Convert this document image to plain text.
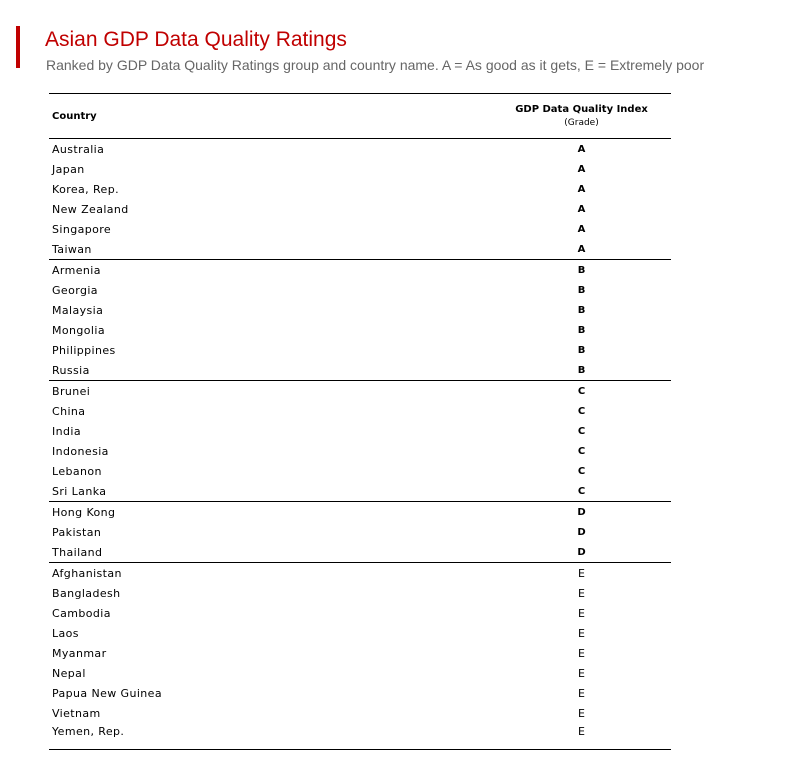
Asian GDP Data Quality Ratings

Ranked by GDP Data Quality Ratings group and country name. A = As good as it gets, E = Extremely poor

Country	GDP Data Quality Index
(Grade)

Australia	A
Japan	A
Korea, Rep.	A
New Zealand	A
Singapore	A
Taiwan	A
Armenia	B
Georgia	B
Malaysia	B
Mongolia	B
Philippines	B
Russia	B
Brunei	C
China	C
India	C
Indonesia	C
Lebanon	C
Sri Lanka	C
Hong Kong	D
Pakistan	D
Thailand	D
Afghanistan	E
Bangladesh	E
Cambodia	E
Laos	E
Myanmar	E
Nepal	E
Papua New Guinea	E
Vietnam	E
Yemen, Rep.	E
